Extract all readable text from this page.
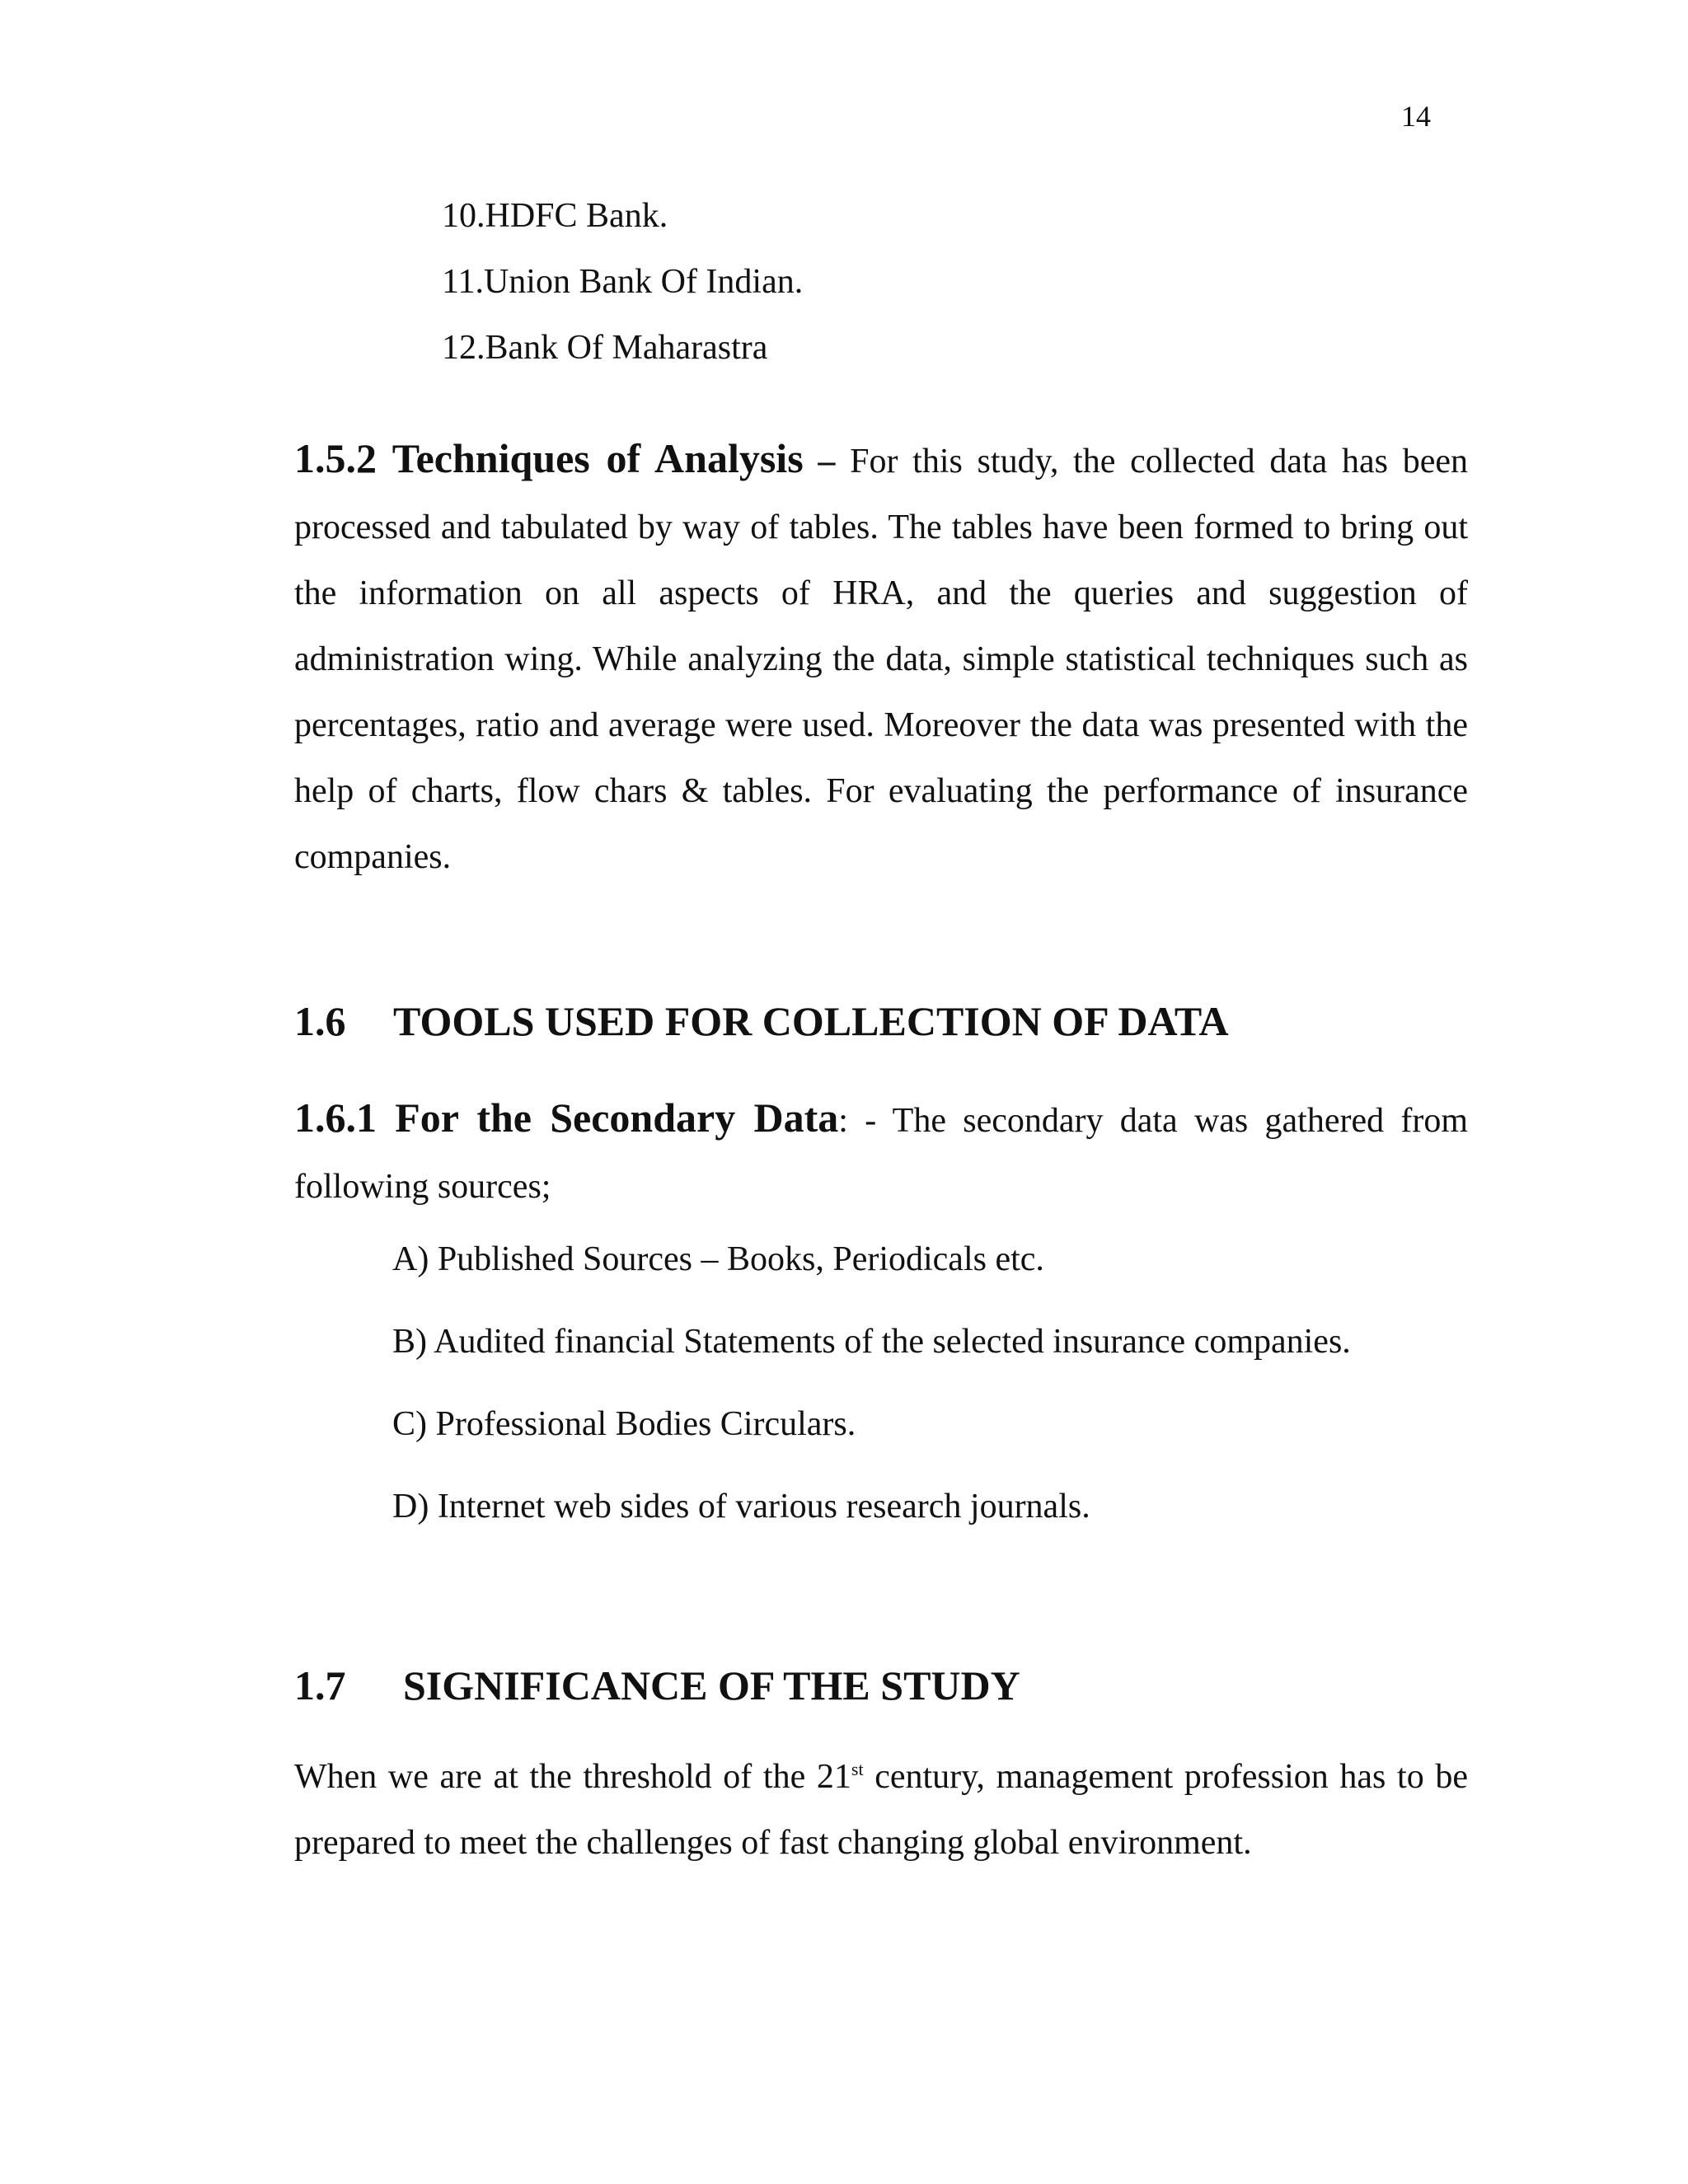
14
10.HDFC Bank.
11.Union Bank Of Indian.
12.Bank Of Maharastra
1.5.2 Techniques of Analysis – For this study, the collected data has been processed and tabulated by way of tables. The tables have been formed to bring out the information on all aspects of HRA, and the queries and suggestion of administration wing. While analyzing the data, simple statistical techniques such as percentages, ratio and average were used. Moreover the data was presented with the help of charts, flow chars & tables. For evaluating the performance of insurance companies.
1.6 TOOLS USED FOR COLLECTION OF DATA
1.6.1 For the Secondary Data: - The secondary data was gathered from following sources;
A) Published Sources – Books, Periodicals etc.
B) Audited financial Statements of the selected insurance companies.
C) Professional Bodies Circulars.
D) Internet web sides of various research journals.
1.7 SIGNIFICANCE OF THE STUDY
When we are at the threshold of the 21st century, management profession has to be prepared to meet the challenges of fast changing global environment.
